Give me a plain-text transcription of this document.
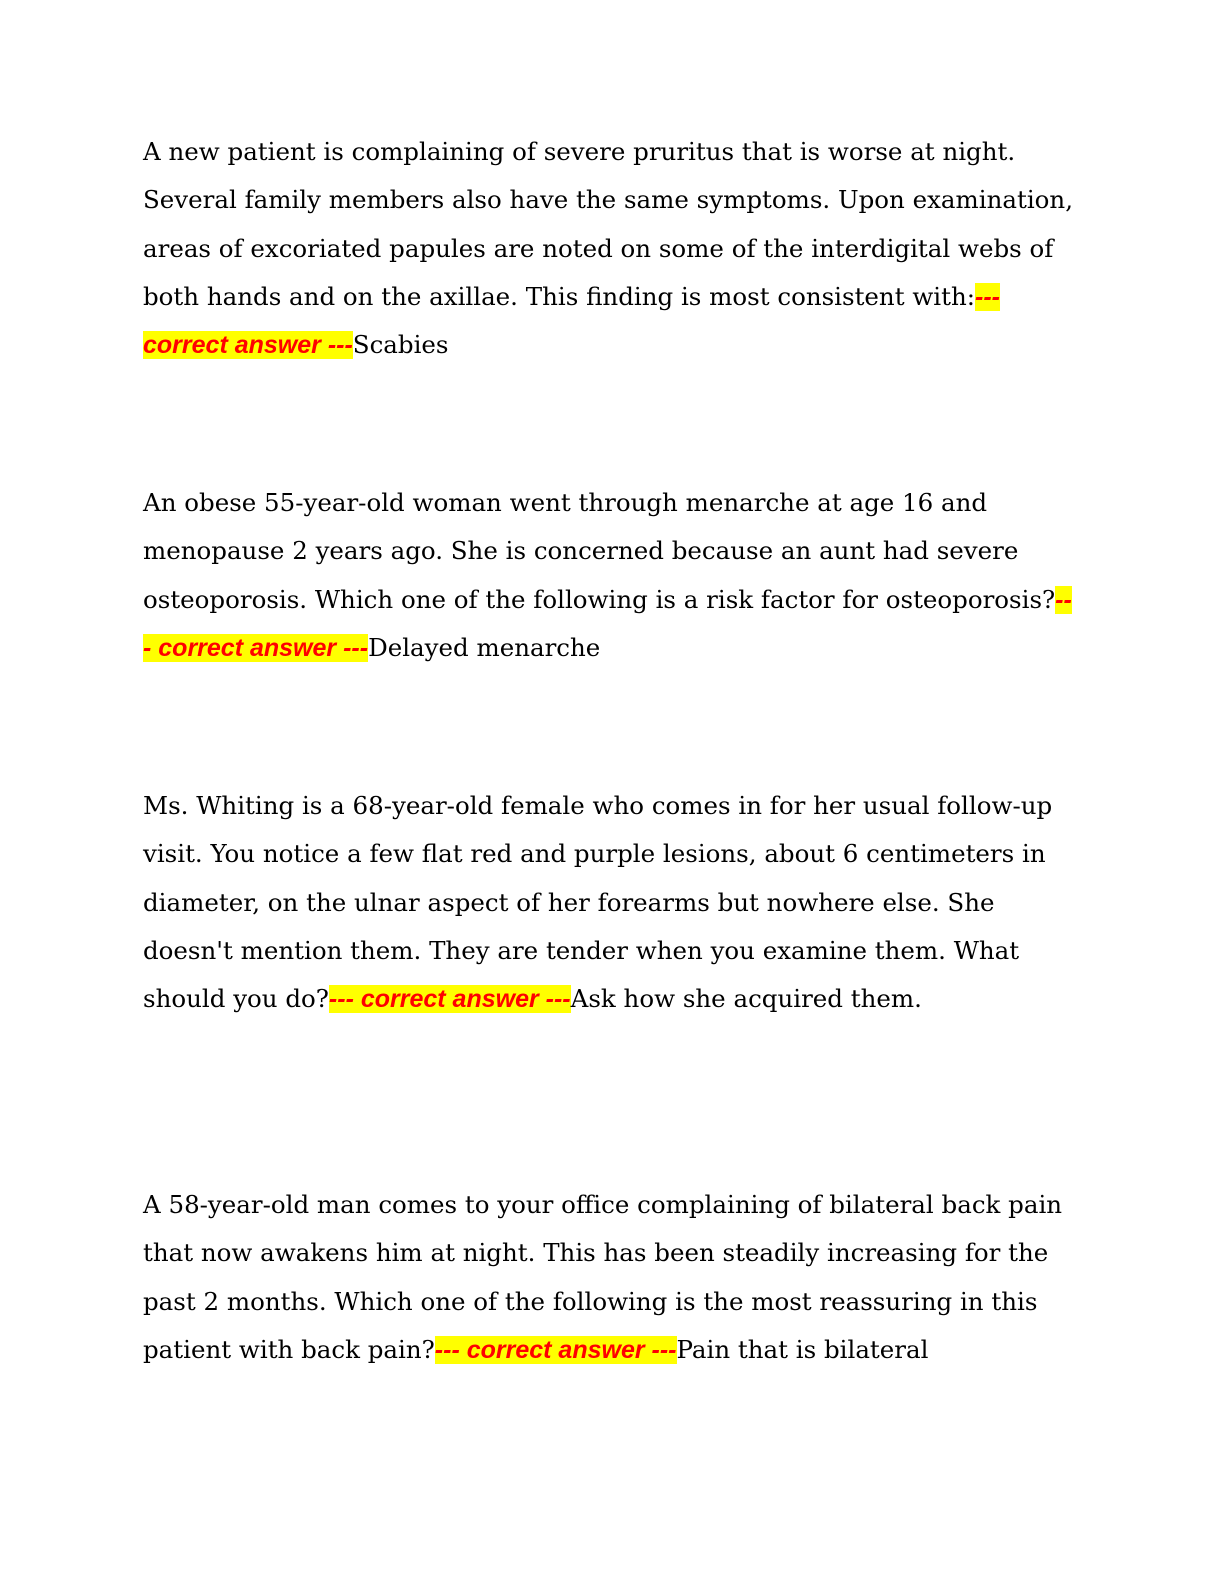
A new patient is complaining of severe pruritus that is worse at night. Several family members also have the same symptoms. Upon examination, areas of excoriated papules are noted on some of the interdigital webs of both hands and on the axillae. This finding is most consistent with:--- correct answer ---Scabies

An obese 55-year-old woman went through menarche at age 16 and menopause 2 years ago. She is concerned because an aunt had severe osteoporosis. Which one of the following is a risk factor for osteoporosis?--- correct answer ---Delayed menarche

Ms. Whiting is a 68-year-old female who comes in for her usual follow-up visit. You notice a few flat red and purple lesions, about 6 centimeters in diameter, on the ulnar aspect of her forearms but nowhere else. She doesn't mention them. They are tender when you examine them. What should you do?--- correct answer ---Ask how she acquired them.

A 58-year-old man comes to your office complaining of bilateral back pain that now awakens him at night. This has been steadily increasing for the past 2 months. Which one of the following is the most reassuring in this patient with back pain?--- correct answer ---Pain that is bilateral
